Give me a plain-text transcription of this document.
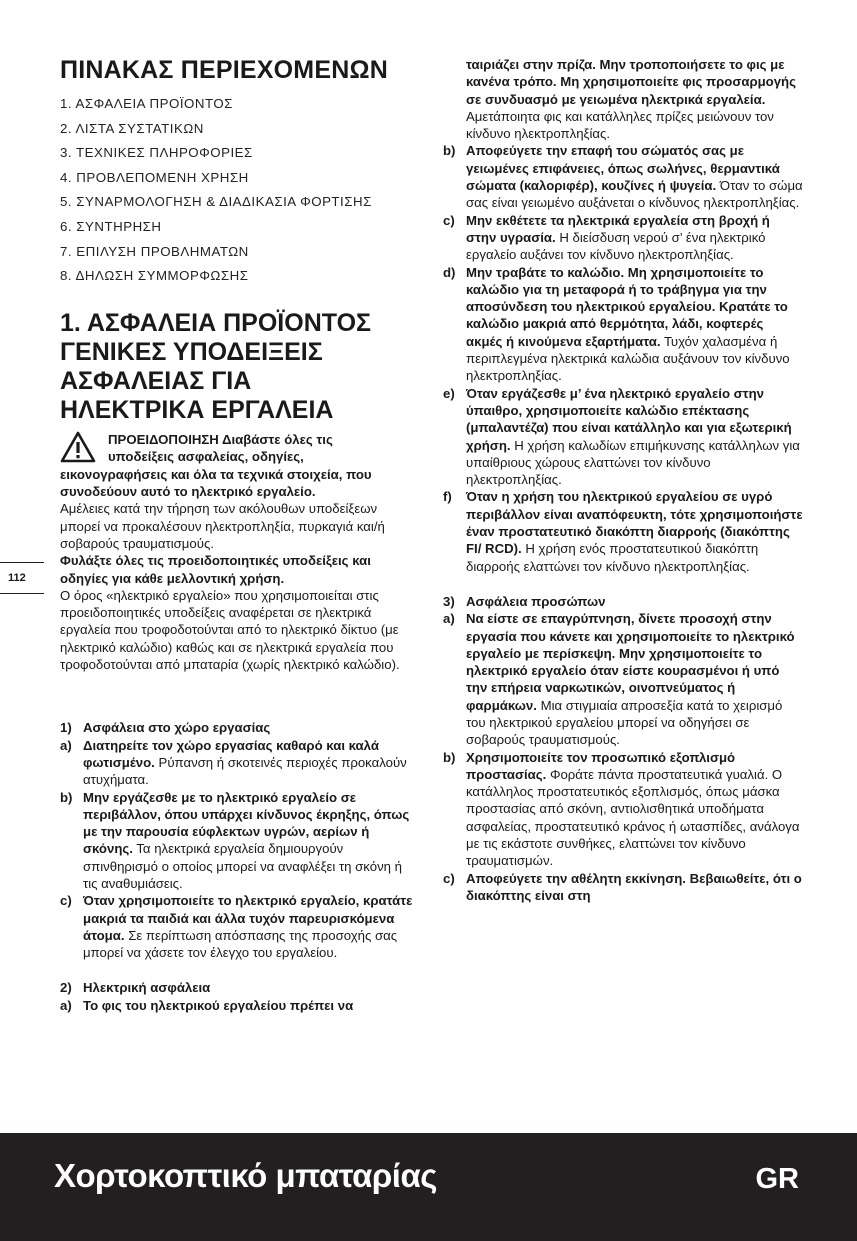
ΠΙΝΑΚΑΣ ΠΕΡΙΕΧΟΜΕΝΩΝ
1. ΑΣΦΑΛΕΙΑ ΠΡΟΪΟΝΤΟΣ
2. ΛΙΣΤΑ ΣΥΣΤΑΤΙΚΩΝ
3. ΤΕΧΝΙΚΕΣ ΠΛΗΡΟΦΟΡΙΕΣ
4. ΠΡΟΒΛΕΠΟΜΕΝΗ ΧΡΗΣΗ
5. ΣΥΝΑΡΜΟΛΟΓΗΣΗ & ΔΙΑΔΙΚΑΣΙΑ ΦΟΡΤΙΣΗΣ
6. ΣΥΝΤΗΡΗΣΗ
7. ΕΠΙΛΥΣΗ ΠΡΟΒΛΗΜΑΤΩΝ
8. ΔΗΛΩΣΗ ΣΥΜΜΟΡΦΩΣΗΣ
1. ΑΣΦΑΛΕΙΑ ΠΡΟΪΟΝΤΟΣ
ΓΕΝΙΚΕΣ ΥΠΟΔΕΙΞΕΙΣ
ΑΣΦΑΛΕΙΑΣ ΓΙΑ
ΗΛΕΚΤΡΙΚΑ ΕΡΓΑΛΕΙΑ
ΠΡΟΕΙΔΟΠΟΙΗΣΗ Διαβάστε όλες τις
υποδείξεις ασφαλείας, οδηγίες,
εικονογραφήσεις και όλα τα τεχνικά στοιχεία, που συνοδεύουν αυτό το ηλεκτρικό εργαλείο.
Αμέλειες κατά την τήρηση των ακόλουθων υποδείξεων μπορεί να προκαλέσουν ηλεκτροπληξία, πυρκαγιά και/ή σοβαρούς τραυματισμούς.
Φυλάξτε όλες τις προειδοποιητικές υποδείξεις και οδηγίες για κάθε μελλοντική χρήση.
Ο όρος «ηλεκτρικό εργαλείο» που χρησιμοποιείται στις προειδοποιητικές υποδείξεις αναφέρεται σε ηλεκτρικά εργαλεία που τροφοδοτούνται από το ηλεκτρικό δίκτυο (με ηλεκτρικό καλώδιο) καθώς και σε ηλεκτρικά εργαλεία που τροφοδοτούνται από μπαταρία (χωρίς ηλεκτρικό καλώδιο).
1) Ασφάλεια στο χώρο εργασίας
a) Διατηρείτε τον χώρο εργασίας καθαρό και καλά φωτισμένο. Ρύπανση ή σκοτεινές περιοχές προκαλούν ατυχήματα.
b) Μην εργάζεσθε με το ηλεκτρικό εργαλείο σε περιβάλλον, όπου υπάρχει κίνδυνος έκρηξης, όπως με την παρουσία εύφλεκτων υγρών, αερίων ή σκόνης. Τα ηλεκτρικά εργαλεία δημιουργούν σπινθηρισμό ο οποίος μπορεί να αναφλέξει τη σκόνη ή τις αναθυμιάσεις.
c) Όταν χρησιμοποιείτε το ηλεκτρικό εργαλείο, κρατάτε μακριά τα παιδιά και άλλα τυχόν παρευρισκόμενα άτομα. Σε περίπτωση απόσπασης της προσοχής σας μπορεί να χάσετε τον έλεγχο του εργαλείου.
2) Ηλεκτρική ασφάλεια
a) Το φις του ηλεκτρικού εργαλείου πρέπει να
112
ταιριάζει στην πρίζα. Μην τροποποιήσετε το φις με κανένα τρόπο. Μη χρησιμοποιείτε φις προσαρμογής σε συνδυασμό με γειωμένα ηλεκτρικά εργαλεία. Αμετάποιητα φις και κατάλληλες πρίζες μειώνουν τον κίνδυνο ηλεκτροπληξίας.
b) Αποφεύγετε την επαφή του σώματός σας με γειωμένες επιφάνειες, όπως σωλήνες, θερμαντικά σώματα (καλοριφέρ), κουζίνες ή ψυγεία. Όταν το σώμα σας είναι γειωμένο αυξάνεται ο κίνδυνος ηλεκτροπληξίας.
c) Μην εκθέτετε τα ηλεκτρικά εργαλεία στη βροχή ή στην υγρασία. Η διείσδυση νερού σ’ ένα ηλεκτρικό εργαλείο αυξάνει τον κίνδυνο ηλεκτροπληξίας.
d) Μην τραβάτε το καλώδιο. Μη χρησιμοποιείτε το καλώδιο για τη μεταφορά ή το τράβηγμα για την αποσύνδεση του ηλεκτρικού εργαλείου. Κρατάτε το καλώδιο μακριά από θερμότητα, λάδι, κοφτερές ακμές ή κινούμενα εξαρτήματα. Τυχόν χαλασμένα ή περιπλεγμένα ηλεκτρικά καλώδια αυξάνουν τον κίνδυνο ηλεκτροπληξίας.
e) Όταν εργάζεσθε μ’ ένα ηλεκτρικό εργαλείο στην ύπαιθρο, χρησιμοποιείτε καλώδιο επέκτασης (μπαλαντέζα) που είναι κατάλληλο και για εξωτερική χρήση. Η χρήση καλωδίων επιμήκυνσης κατάλληλων για υπαίθριους χώρους ελαττώνει τον κίνδυνο ηλεκτροπληξίας.
f)	Όταν η χρήση του ηλεκτρικού εργαλείου σε υγρό περιβάλλον είναι αναπόφευκτη, τότε χρησιμοποιήστε έναν προστατευτικό διακόπτη διαρροής (διακόπτης FI/ RCD). Η χρήση ενός προστατευτικού διακόπτη διαρροής ελαττώνει τον κίνδυνο ηλεκτροπληξίας.
3) Ασφάλεια προσώπων
a) Να είστε σε επαγρύπνηση, δίνετε προσοχή στην εργασία που κάνετε και χρησιμοποιείτε το ηλεκτρικό εργαλείο με περίσκεψη. Μην χρησιμοποιείτε το ηλεκτρικό εργαλείο όταν είστε κουρασμένοι ή υπό την επήρεια ναρκωτικών, οινοπνεύματος ή φαρμάκων. Μια στιγμιαία απροσεξία κατά το χειρισμό του ηλεκτρικού εργαλείου μπορεί να οδηγήσει σε σοβαρούς τραυματισμούς.
b) Χρησιμοποιείτε τον προσωπικό εξοπλισμό προστασίας. Φοράτε πάντα προστατευτικά γυαλιά. Ο κατάλληλος προστατευτικός εξοπλισμός, όπως μάσκα προστασίας από σκόνη, αντιολισθητικά υποδήματα ασφαλείας, προστατευτικό κράνος ή ωτασπίδες, ανάλογα με τις εκάστοτε συνθήκες, ελαττώνει τον κίνδυνο τραυματισμών.
c) Αποφεύγετε την αθέλητη εκκίνηση. Βεβαιωθείτε, ότι ο διακόπτης είναι στη
Χορτοκοπτικό μπαταρίας	GR
